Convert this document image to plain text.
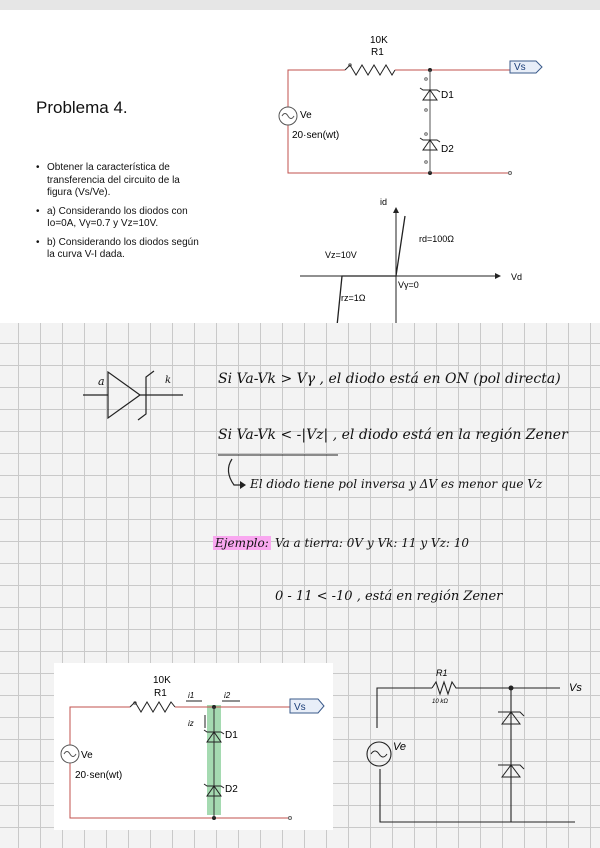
Problema 4.
• Obtener la característica de transferencia del circuito de la figura (Vs/Ve).
• a) Considerando los diodos con Io=0A, Vγ=0.7 y Vz=10V.
• b) Considerando los diodos según la curva V-I dada.
10K
R1
Vs
D1
D2
Ve
20·sen(wt)
id
Vd
rd=100Ω
Vz=10V
Vγ=0
rz=1Ω
a	k	Si Va-Vk > Vγ , el diodo está en ON (pol directa)
Si Va-Vk < -|Vz| , el diodo está en la región Zener
El diodo tiene pol inversa y ΔV es menor que Vz
Ejemplo: Va a tierra: 0V y Vk: 11 y Vz: 10
0 - 11 < -10 , está en región Zener
10K
R1
Vs
D1
D2
i1	i2
iz
Ve
20·sen(wt)
R1
10 kΩ
Vs
Ve
